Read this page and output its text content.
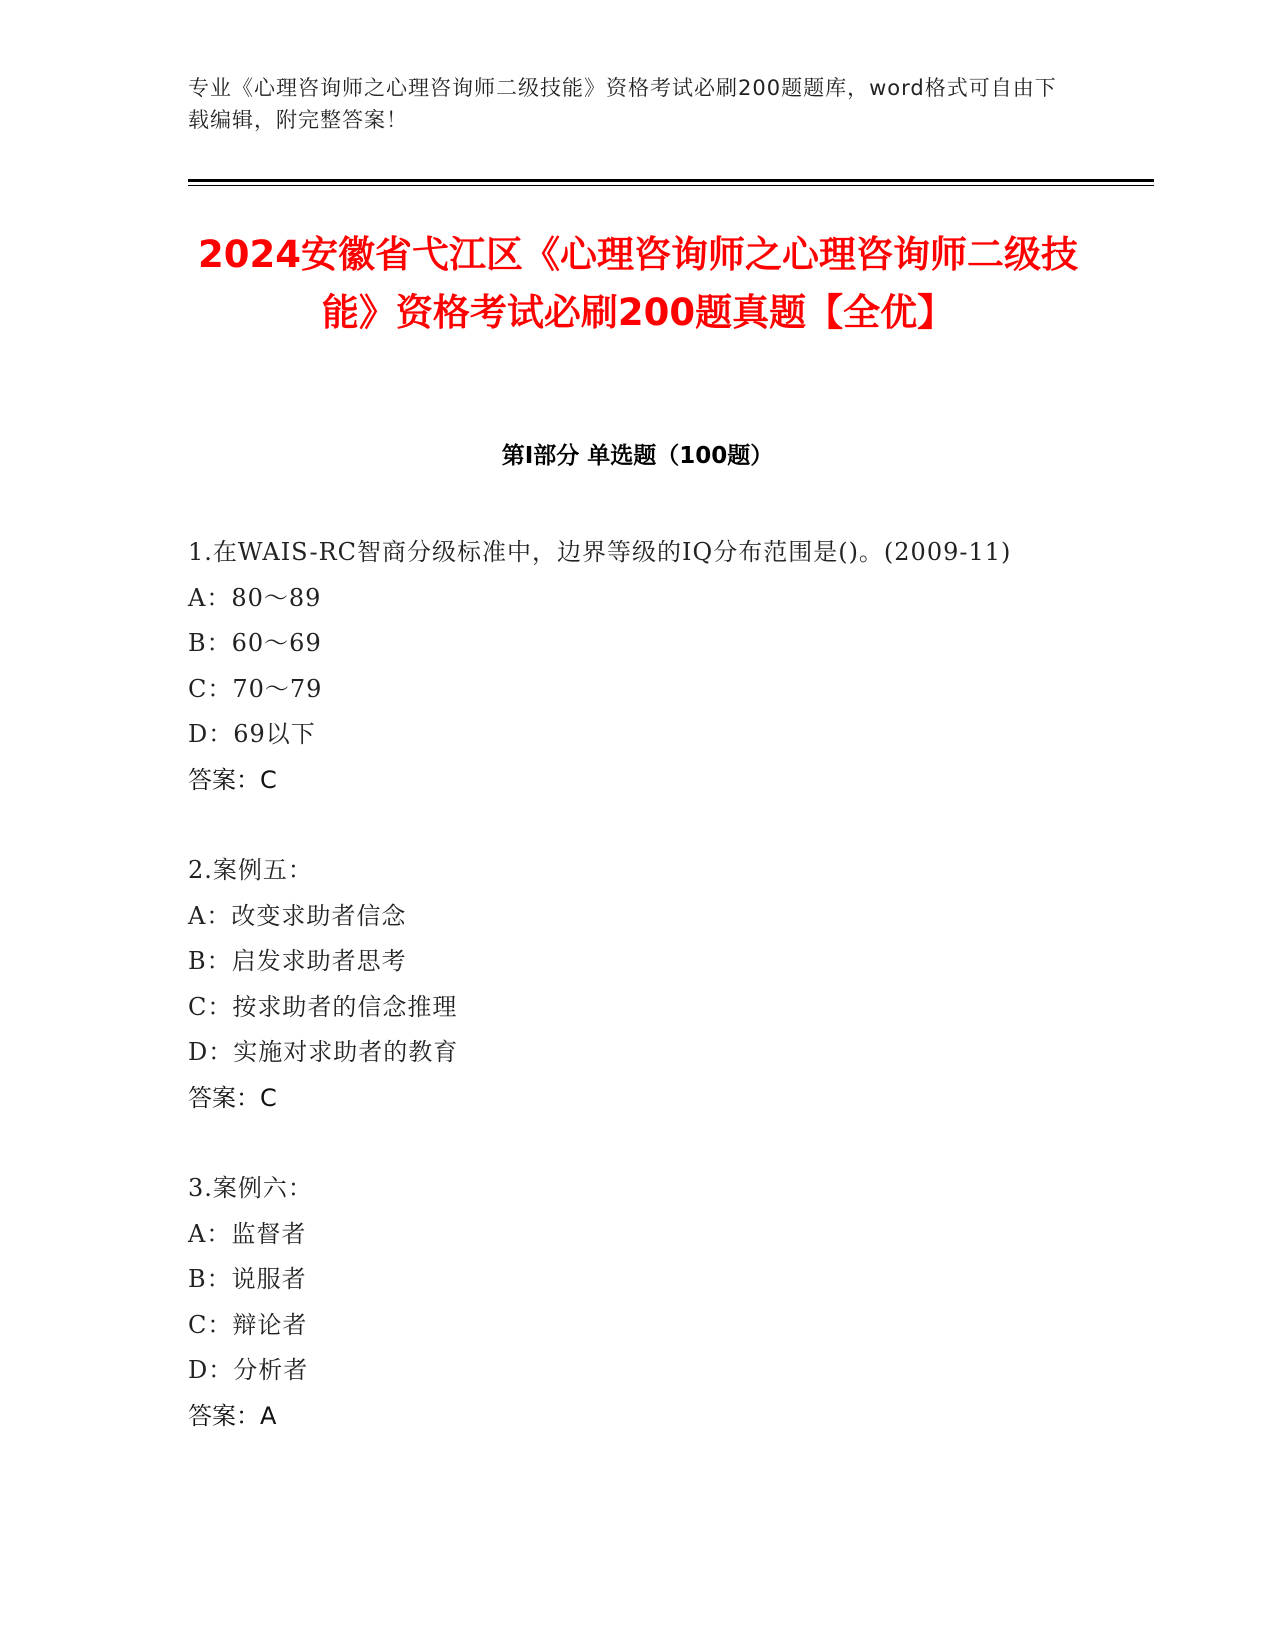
专业《心理咨询师之心理咨询师二级技能》资格考试必刷200题题库，word格式可自由下载编辑，附完整答案！
2024安徽省弋江区《心理咨询师之心理咨询师二级技能》资格考试必刷200题真题【全优】
第Ⅰ部分 单选题（100题）
1.在WAIS-RC智商分级标准中，边界等级的IQ分布范围是()。(2009-11)
A：80～89
B：60～69
C：70～79
D：69以下
答案：C
2.案例五：
A：改变求助者信念
B：启发求助者思考
C：按求助者的信念推理
D：实施对求助者的教育
答案：C
3.案例六：
A：监督者
B：说服者
C：辩论者
D：分析者
答案：A
